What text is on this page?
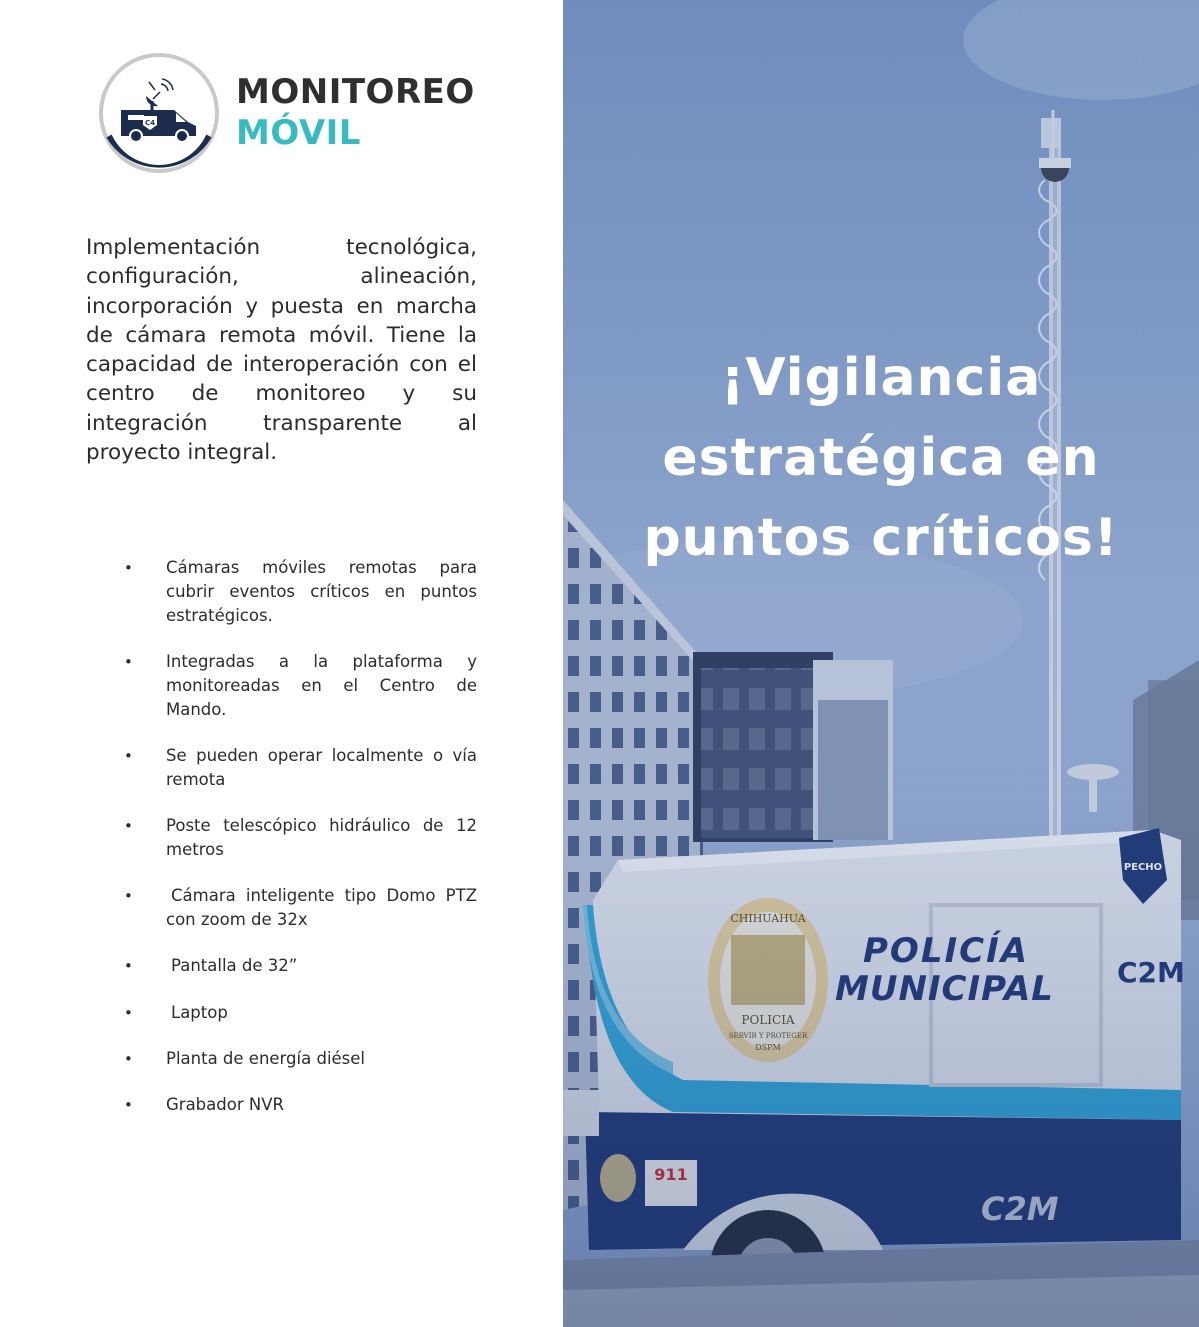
C4
MONITOREO
MÓVIL

Implementación tecnológica, configuración, alineación, incorporación y puesta en marcha de cámara remota móvil. Tiene la capacidad de interoperación con el centro de monitoreo y su integración transparente al proyecto integral.

• Cámaras móviles remotas para cubrir eventos críticos en puntos estratégicos.
• Integradas a la plataforma y monitoreadas en el Centro de Mando.
• Se pueden operar localmente o vía remota
• Poste telescópico hidráulico de 12 metros
• Cámara inteligente tipo Domo PTZ con zoom de 32x
• Pantalla de 32”
• Laptop
• Planta de energía diésel
• Grabador NVR

¡Vigilancia
estratégica en
puntos críticos!
